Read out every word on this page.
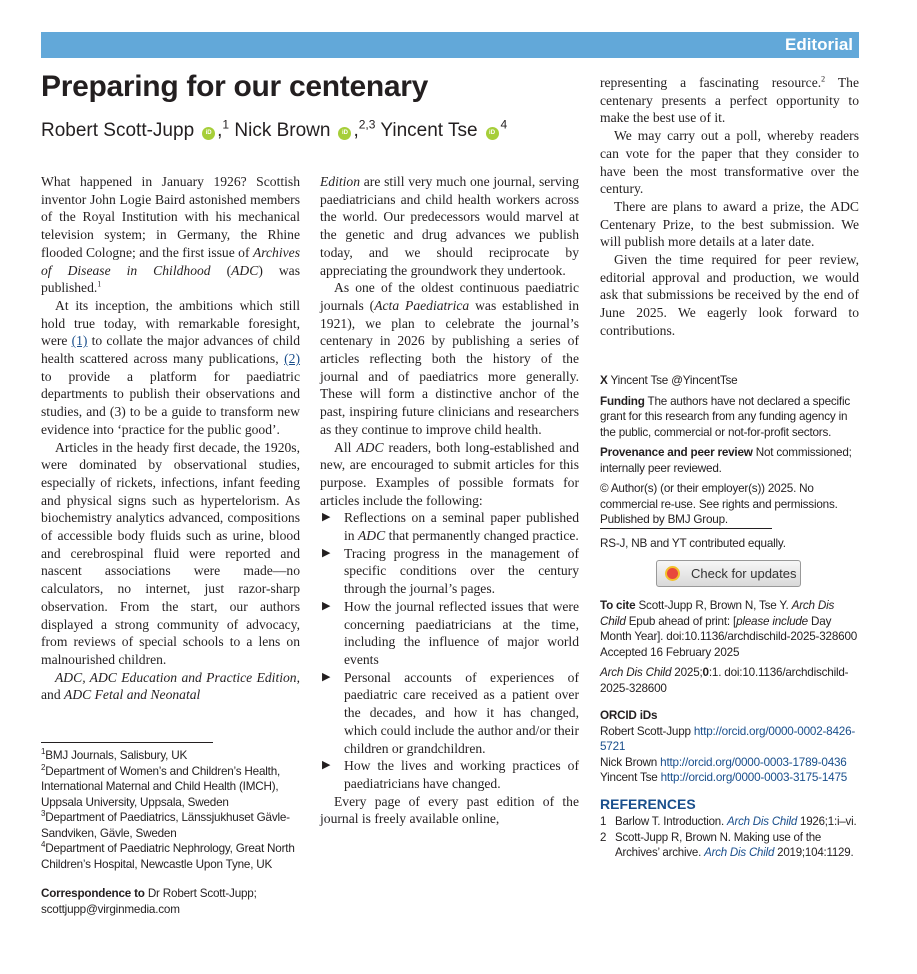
Editorial
Preparing for our centenary
Robert Scott-Jupp iD ,$^1$ Nick Brown iD ,$^{2,3}$ Yincent Tse $iD^4$

What happened in January 1926? Scottish inventor John Logie Baird astonished members of the Royal Institution with his mechanical television system; in Germany, the Rhine flooded Cologne; and the first issue of Archives of Disease in Childhood (ADC) was published.$^1$

At its inception, the ambitions which still hold true today, with remarkable foresight, were (1) to collate the major advances of child health scattered across many publications, (2) to provide a platform for paediatric departments to publish their observations and studies, and (3) to be a guide to transform new evidence into ‘practice for the public good’.

Articles in the heady first decade, the 1920s, were dominated by observational studies, especially of rickets, infections, infant feeding and physical signs such as hypertelorism. As biochemistry analytics advanced, compositions of accessible body fluids such as urine, blood and cerebrospinal fluid were reported and nascent associations were made—no calculators, no internet, just razor-sharp observation. From the start, our authors displayed a strong community of advocacy, from reviews of special schools to a lens on malnourished children.

ADC, ADC Education and Practice Edition, and ADC Fetal and Neonatal

$^1$BMJ Journals, Salisbury, UK

$^2$Department of Women’s and Children’s Health, International Maternal and Child Health (IMCH), Uppsala University, Uppsala, Sweden

$^3$Department of Paediatrics, Länssjukhuset Gävle-Sandviken, Gävle, Sweden

$^4$Department of Paediatric Nephrology, Great North Children’s Hospital, Newcastle Upon Tyne, UK

Correspondence to Dr Robert Scott-Jupp; scottjupp@virginmedia.com

Edition are still very much one journal, serving paediatricians and child health workers across the world. Our predecessors would marvel at the genetic and drug advances we publish today, and we should reciprocate by appreciating the groundwork they undertook.

As one of the oldest continuous paediatric journals (Acta Paediatrica was established in 1921), we plan to celebrate the journal’s centenary in 2026 by publishing a series of articles reflecting both the history of the journal and of paediatrics more generally. These will form a distinctive anchor of the past, inspiring future clinicians and researchers as they continue to improve child health.

All ADC readers, both long-established and new, are encouraged to submit articles for this purpose. Examples of possible formats for articles include the following:

▶ Reflections on a seminal paper published in ADC that permanently changed practice.
▶ Tracing progress in the management of specific conditions over the century through the journal’s pages.
▶ How the journal reflected issues that were concerning paediatricians at the time, including the influence of major world events
▶ Personal accounts of experiences of paediatric care received as a patient over the decades, and how it has changed, which could include the author and/or their children or grandchildren.
▶ How the lives and working practices of paediatricians have changed.

Every page of every past edition of the journal is freely available online,

representing a fascinating resource.$^2$ The centenary presents a perfect opportunity to make the best use of it.

We may carry out a poll, whereby readers can vote for the paper that they consider to have been the most transformative over the century.

There are plans to award a prize, the ADC Centenary Prize, to the best submission. We will publish more details at a later date.

Given the time required for peer review, editorial approval and production, we would ask that submissions be received by the end of June 2025. We eagerly look forward to contributions.

X Yincent Tse @YincentTse

Funding The authors have not declared a specific grant for this research from any funding agency in the public, commercial or not-for-profit sectors.

Provenance and peer review Not commissioned; internally peer reviewed.

© Author(s) (or their employer(s)) 2025. No commercial re-use. See rights and permissions. Published by BMJ Group.

RS-J, NB and YT contributed equally.
Check for updates

To cite Scott-Jupp R, Brown N, Tse Y. Arch Dis Child Epub ahead of print: [please include Day Month Year]. doi:10.1136/archdischild-2025-328600

Accepted 16 February 2025

Arch Dis Child 2025;0:1. doi:10.1136/archdischild-2025-328600

ORCID iDs

Robert Scott-Jupp http://orcid.org/0000-0002-8426-5721

Nick Brown http://orcid.org/0000-0003-1789-0436

Yincent Tse http://orcid.org/0000-0003-3175-1475

REFERENCES
1 Barlow T. Introduction. Arch Dis Child 1926;1:i–vi.
2 Scott-Jupp R, Brown N. Making use of the Archives’ archive. Arch Dis Child 2019;104:1129.
